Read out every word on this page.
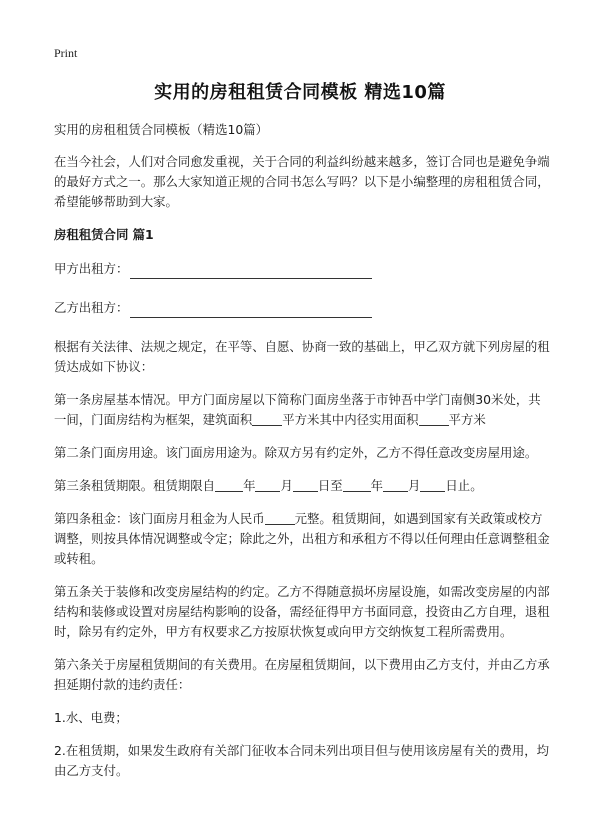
Print
实用的房租租赁合同模板 精选10篇

实用的房租租赁合同模板（精选10篇）

在当今社会，人们对合同愈发重视，关于合同的利益纠纷越来越多，签订合同也是避免争端的最好方式之一。那么大家知道正规的合同书怎么写吗？以下是小编整理的房租租赁合同，希望能够帮助到大家。

房租租赁合同 篇1

甲方出租方：
乙方出租方：

根据有关法律、法规之规定，在平等、自愿、协商一致的基础上，甲乙双方就下列房屋的租赁达成如下协议：

第一条房屋基本情况。甲方门面房屋以下简称门面房坐落于市钟吾中学门南侧30米处，共一间，门面房结构为框架，建筑面积 平方米其中内径实用面积 平方米

第二条门面房用途。该门面房用途为。除双方另有约定外，乙方不得任意改变房屋用途。

第三条租赁期限。租赁期限自 年 月 日至 年 月 日止。

第四条租金：该门面房月租金为人民币 元整。租赁期间，如遇到国家有关政策或校方调整，则按具体情况调整或令定；除此之外，出租方和承租方不得以任何理由任意调整租金或转租。

第五条关于装修和改变房屋结构的约定。乙方不得随意损坏房屋设施，如需改变房屋的内部结构和装修或设置对房屋结构影响的设备，需经征得甲方书面同意，投资由乙方自理，退租时，除另有约定外，甲方有权要求乙方按原状恢复或向甲方交纳恢复工程所需费用。

第六条关于房屋租赁期间的有关费用。在房屋租赁期间，以下费用由乙方支付，并由乙方承担延期付款的违约责任：

1.水、电费；

2.在租赁期，如果发生政府有关部门征收本合同未列出项目但与使用该房屋有关的费用，均由乙方支付。
